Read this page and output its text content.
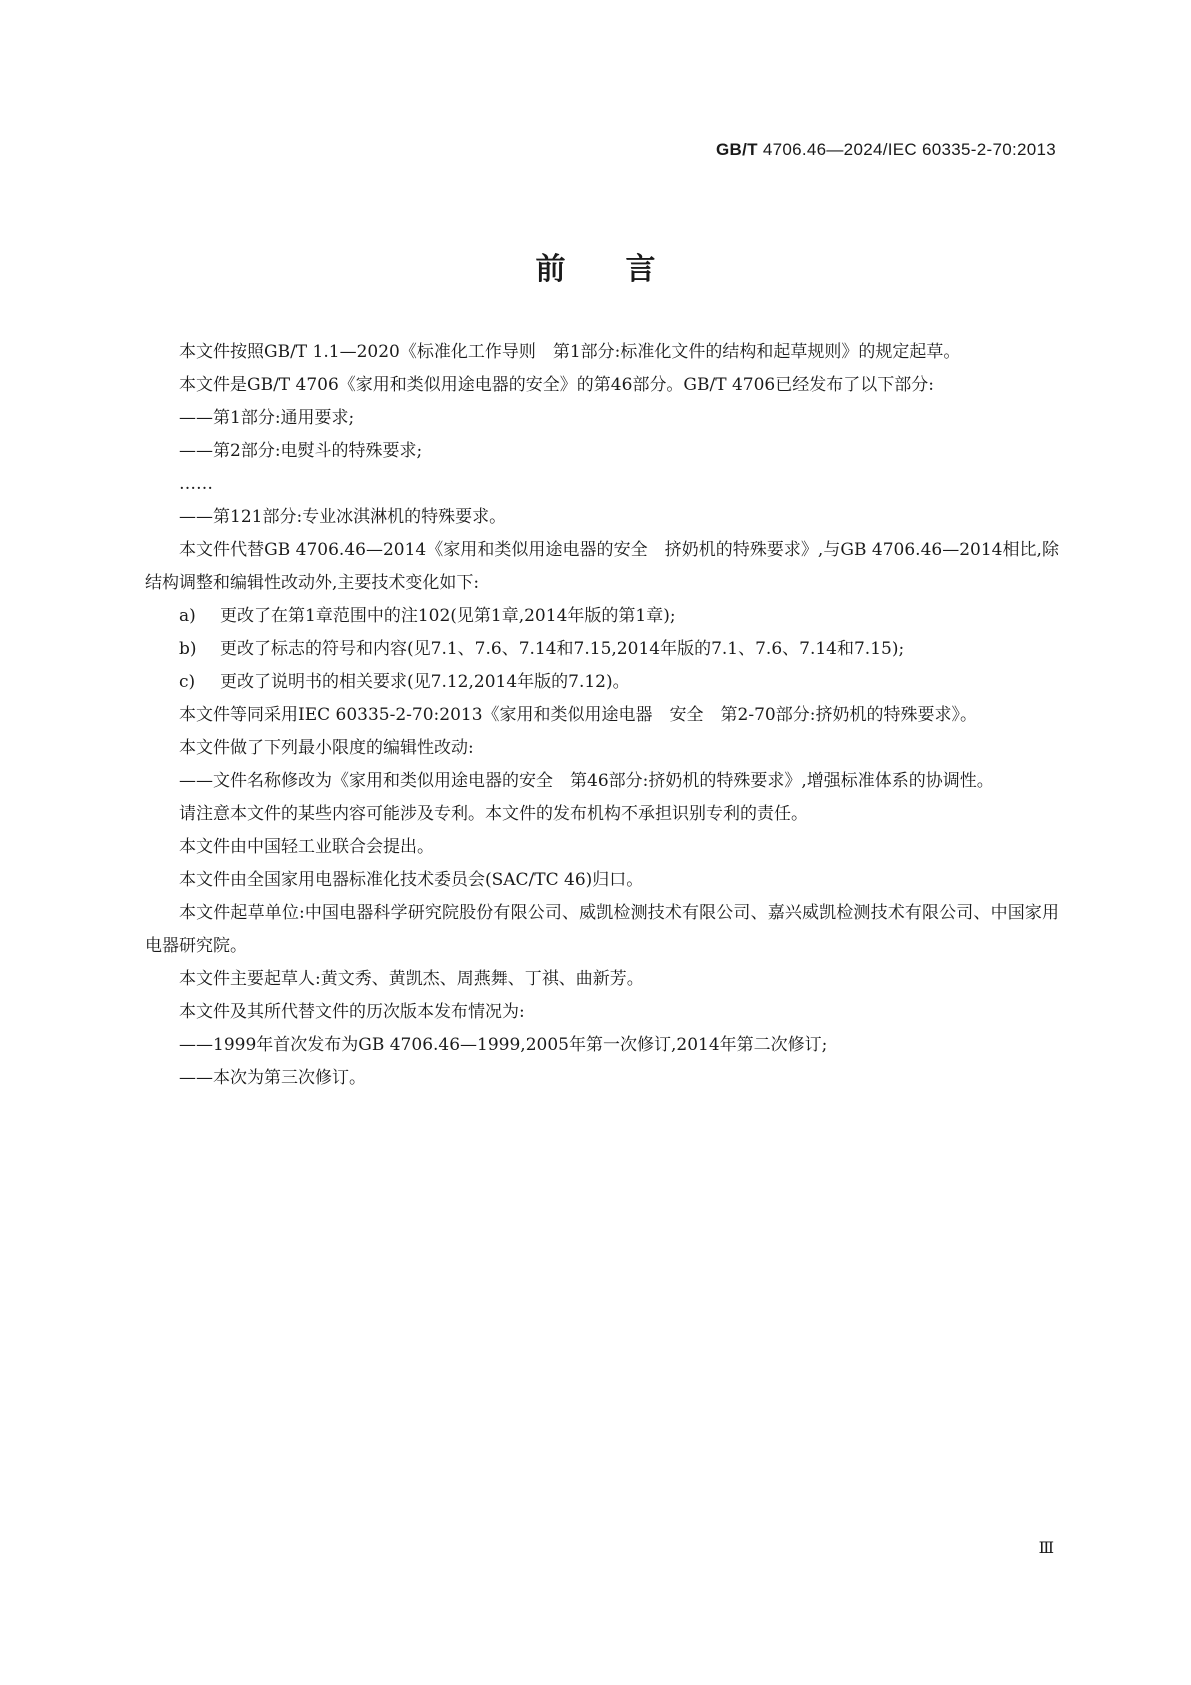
GB/T 4706.46—2024/IEC 60335-2-70:2013
前言

本文件按照GB/T 1.1—2020《标准化工作导则　第1部分:标准化文件的结构和起草规则》的规定起草。

本文件是GB/T 4706《家用和类似用途电器的安全》的第46部分。GB/T 4706已经发布了以下部分:

——第1部分:通用要求;

——第2部分:电熨斗的特殊要求;

……

——第121部分:专业冰淇淋机的特殊要求。

本文件代替GB 4706.46—2014《家用和类似用途电器的安全　挤奶机的特殊要求》,与GB 4706.46—2014相比,除结构调整和编辑性改动外,主要技术变化如下:

a) 更改了在第1章范围中的注102(见第1章,2014年版的第1章);

b) 更改了标志的符号和内容(见7.1、7.6、7.14和7.15,2014年版的7.1、7.6、7.14和7.15);

c) 更改了说明书的相关要求(见7.12,2014年版的7.12)。

本文件等同采用IEC 60335-2-70:2013《家用和类似用途电器　安全　第2-70部分:挤奶机的特殊要求》。

本文件做了下列最小限度的编辑性改动:

——文件名称修改为《家用和类似用途电器的安全　第46部分:挤奶机的特殊要求》,增强标准体系的协调性。

请注意本文件的某些内容可能涉及专利。本文件的发布机构不承担识别专利的责任。

本文件由中国轻工业联合会提出。

本文件由全国家用电器标准化技术委员会(SAC/TC 46)归口。

本文件起草单位:中国电器科学研究院股份有限公司、威凯检测技术有限公司、嘉兴威凯检测技术有限公司、中国家用电器研究院。

本文件主要起草人:黄文秀、黄凯杰、周燕舞、丁祺、曲新芳。

本文件及其所代替文件的历次版本发布情况为:

——1999年首次发布为GB 4706.46—1999,2005年第一次修订,2014年第二次修订;

——本次为第三次修订。

Ⅲ
